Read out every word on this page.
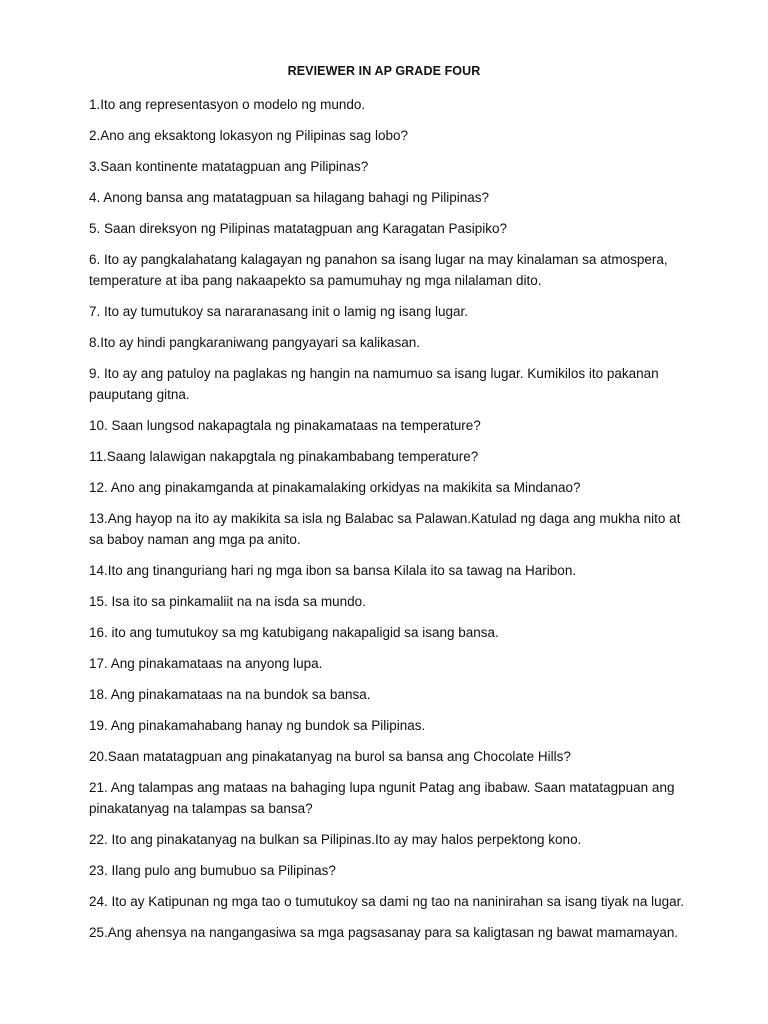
REVIEWER IN AP GRADE FOUR
1.Ito ang representasyon o modelo ng mundo.
2.Ano ang eksaktong lokasyon ng Pilipinas sag lobo?
3.Saan kontinente matatagpuan ang Pilipinas?
4. Anong bansa ang matatagpuan sa hilagang bahagi ng Pilipinas?
5. Saan direksyon ng Pilipinas matatagpuan ang Karagatan Pasipiko?
6. Ito ay pangkalahatang kalagayan ng panahon sa isang lugar na may kinalaman sa atmospera, temperature at iba pang nakaapekto sa pamumuhay ng mga nilalaman dito.
7. Ito ay tumutukoy sa nararanasang init o lamig ng isang lugar.
8.Ito ay hindi pangkaraniwang pangyayari sa kalikasan.
9. Ito ay ang patuloy na paglakas ng hangin na namumuo sa isang lugar. Kumikilos ito pakanan pauputang gitna.
10. Saan lungsod nakapagtala ng pinakamataas na temperature?
11.Saang lalawigan nakapgtala ng pinakambabang temperature?
12. Ano ang pinakamganda at pinakamalaking orkidyas na makikita sa Mindanao?
13.Ang hayop na ito ay makikita sa isla ng Balabac sa Palawan.Katulad ng daga ang mukha nito at sa baboy naman ang mga pa anito.
14.Ito ang tinanguriang hari ng mga ibon sa bansa Kilala ito sa tawag na Haribon.
15. Isa ito sa pinkamaliit na na isda sa mundo.
16. ito ang tumutukoy sa mg katubigang nakapaligid sa isang bansa.
17. Ang pinakamataas na anyong lupa.
18. Ang pinakamataas na na bundok sa bansa.
19. Ang pinakamahabang hanay ng bundok sa Pilipinas.
20.Saan matatagpuan ang pinakatanyag na burol sa bansa ang Chocolate Hills?
21. Ang talampas ang mataas na bahaging lupa ngunit Patag ang ibabaw. Saan matatagpuan ang pinakatanyag na talampas sa bansa?
22. Ito ang pinakatanyag na bulkan sa Pilipinas.Ito ay may halos perpektong kono.
23. Ilang pulo ang bumubuo sa Pilipinas?
24. Ito ay Katipunan ng mga tao o tumutukoy sa dami ng tao na naninirahan sa isang tiyak na lugar.
25.Ang ahensya na nangangasiwa sa mga pagsasanay para sa kaligtasan ng bawat mamamayan.
